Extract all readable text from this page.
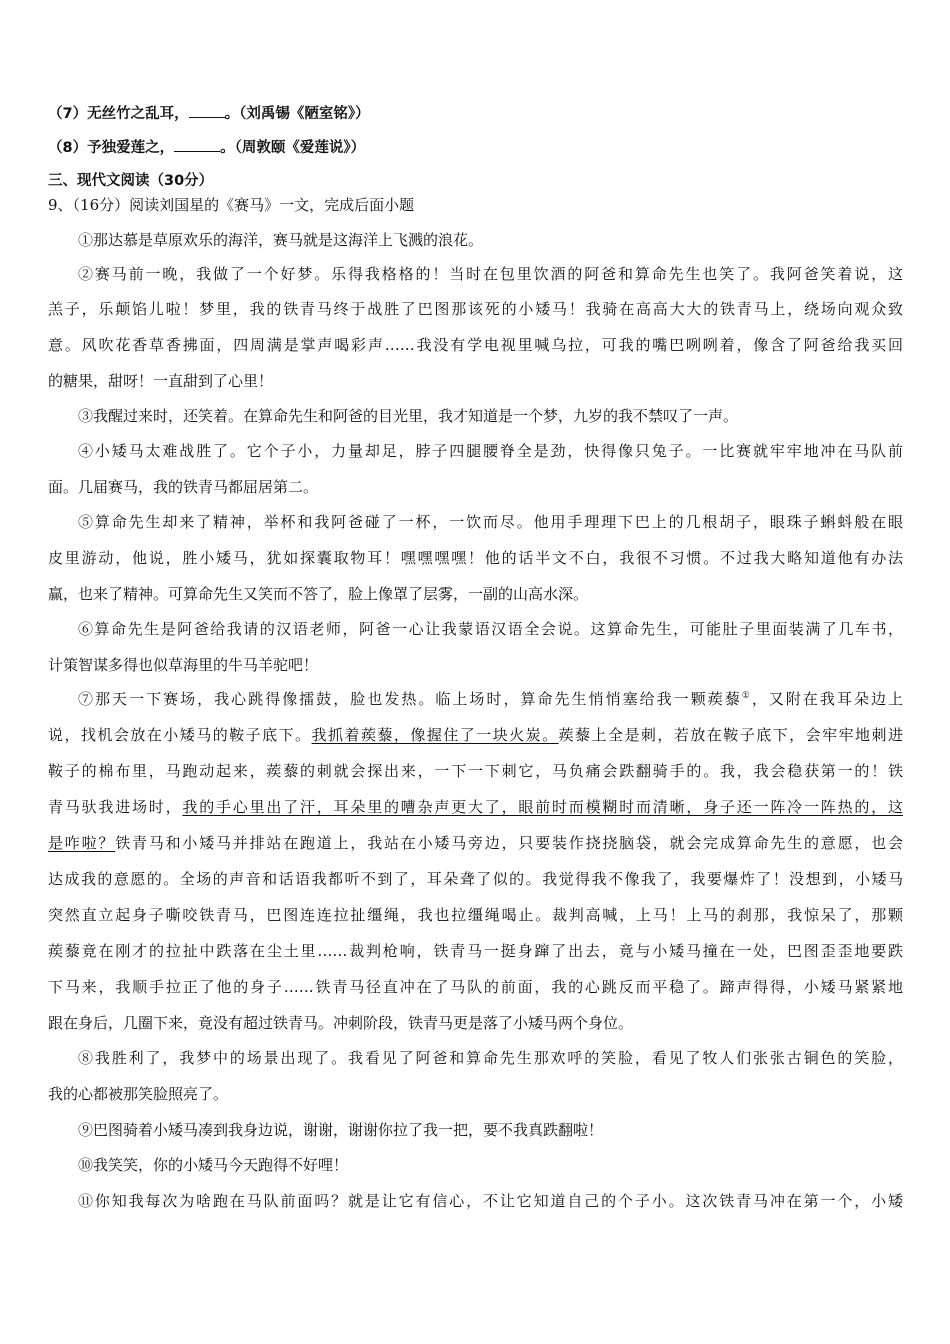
（7）无丝竹之乱耳， 。（刘禹锡《陋室铭》）
（8）予独爱莲之，	。（周敦颐《爱莲说》）
三、现代文阅读（30分）
9、（16分）阅读刘国星的《赛马》一文，完成后面小题
①那达慕是草原欢乐的海洋，赛马就是这海洋上飞溅的浪花。
②赛马前一晚，我做了一个好梦。乐得我格格的！当时在包里饮酒的阿爸和算命先生也笑了。我阿爸笑着说，这
羔子，乐颠馅儿啦！梦里，我的铁青马终于战胜了巴图那该死的小矮马！我骑在高高大大的铁青马上，绕场向观众致
意。风吹花香草香拂面，四周满是掌声喝彩声……我没有学电视里喊乌拉，可我的嘴巴咧咧着，像含了阿爸给我买回
的糖果，甜呀！一直甜到了心里！
③我醒过来时，还笑着。在算命先生和阿爸的目光里，我才知道是一个梦，九岁的我不禁叹了一声。
④小矮马太难战胜了。它个子小，力量却足，脖子四腿腰脊全是劲，快得像只兔子。一比赛就牢牢地冲在马队前
面。几届赛马，我的铁青马都屈居第二。
⑤算命先生却来了精神，举杯和我阿爸碰了一杯，一饮而尽。他用手理理下巴上的几根胡子，眼珠子蝌蚪般在眼
皮里游动，他说，胜小矮马，犹如探囊取物耳！嘿嘿嘿嘿！他的话半文不白，我很不习惯。不过我大略知道他有办法
赢，也来了精神。可算命先生又笑而不答了，脸上像罩了层雾，一副的山高水深。
⑥算命先生是阿爸给我请的汉语老师，阿爸一心让我蒙语汉语全会说。这算命先生，可能肚子里面装满了几车书，
计策智谋多得也似草海里的牛马羊驼吧！
⑦那天一下赛场，我心跳得像擂鼓，脸也发热。临上场时，算命先生悄悄塞给我一颗蒺藜①，又附在我耳朵边上
说，找机会放在小矮马的鞍子底下。我抓着蒺藜，像握住了一块火炭。蒺藜上全是刺，若放在鞍子底下，会牢牢地刺进
鞍子的棉布里，马跑动起来，蒺藜的刺就会探出来，一下一下刺它，马负痛会跌翻骑手的。我，我会稳获第一的！铁
青马驮我进场时，我的手心里出了汗，耳朵里的嘈杂声更大了，眼前时而模糊时而清晰，身子还一阵冷一阵热的，这
是咋啦？铁青马和小矮马并排站在跑道上，我站在小矮马旁边，只要装作挠挠脑袋，就会完成算命先生的意愿，也会
达成我的意愿的。全场的声音和话语我都听不到了，耳朵聋了似的。我觉得我不像我了，我要爆炸了！没想到，小矮马
突然直立起身子嘶咬铁青马，巴图连连拉扯缰绳，我也拉缰绳喝止。裁判高喊，上马！上马的刹那，我惊呆了，那颗
蒺藜竟在刚才的拉扯中跌落在尘土里……裁判枪响，铁青马一挺身蹿了出去，竟与小矮马撞在一处，巴图歪歪地要跌
下马来，我顺手拉正了他的身子……铁青马径直冲在了马队的前面，我的心跳反而平稳了。蹄声得得，小矮马紧紧地
跟在身后，几圈下来，竟没有超过铁青马。冲刺阶段，铁青马更是落了小矮马两个身位。
⑧我胜利了，我梦中的场景出现了。我看见了阿爸和算命先生那欢呼的笑脸，看见了牧人们张张古铜色的笑脸，
我的心都被那笑脸照亮了。
⑨巴图骑着小矮马凑到我身边说，谢谢，谢谢你拉了我一把，要不我真跌翻啦！
⑩我笑笑，你的小矮马今天跑得不好哩！
⑪你知我每次为啥跑在马队前面吗？就是让它有信心，不让它知道自己的个子小。这次铁青马冲在第一个，小矮
